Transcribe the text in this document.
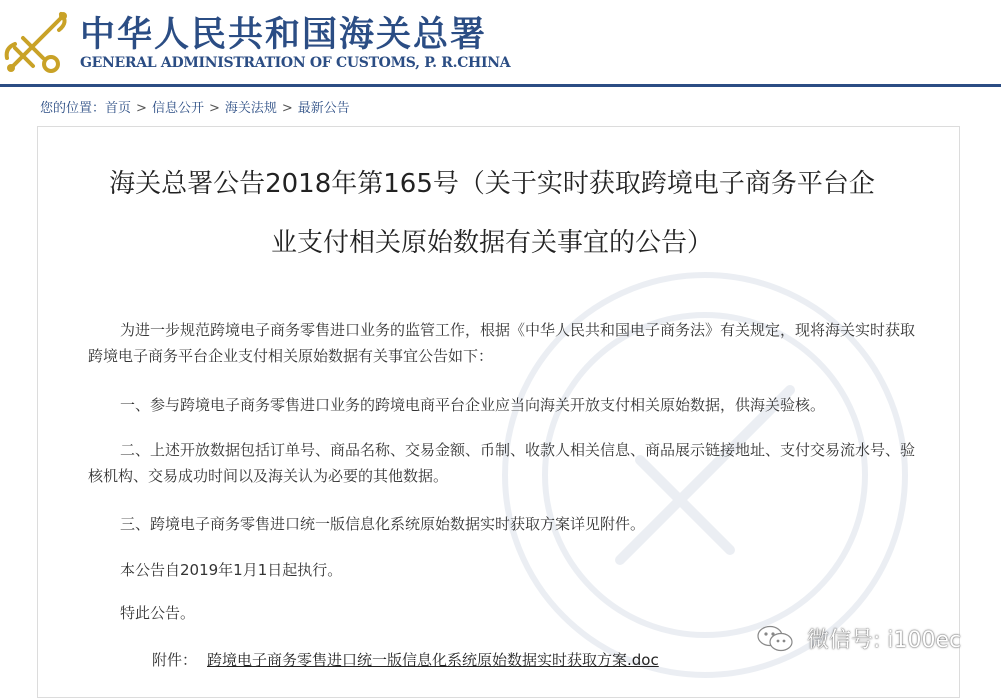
中华人民共和国海关总署
GENERAL ADMINISTRATION OF CUSTOMS, P. R.CHINA
您的位置：首页 > 信息公开 > 海关法规 > 最新公告
海关总署公告2018年第165号（关于实时获取跨境电子商务平台企
业支付相关原始数据有关事宜的公告）
为进一步规范跨境电子商务零售进口业务的监管工作，根据《中华人民共和国电子商务法》有关规定，现将海关实时获取跨境电子商务平台企业支付相关原始数据有关事宜公告如下：
一、参与跨境电子商务零售进口业务的跨境电商平台企业应当向海关开放支付相关原始数据，供海关验核。
二、上述开放数据包括订单号、商品名称、交易金额、币制、收款人相关信息、商品展示链接地址、支付交易流水号、验核机构、交易成功时间以及海关认为必要的其他数据。
三、跨境电子商务零售进口统一版信息化系统原始数据实时获取方案详见附件。
本公告自2019年1月1日起执行。
特此公告。
附件： 跨境电子商务零售进口统一版信息化系统原始数据实时获取方案.doc
微信号: i100ec
